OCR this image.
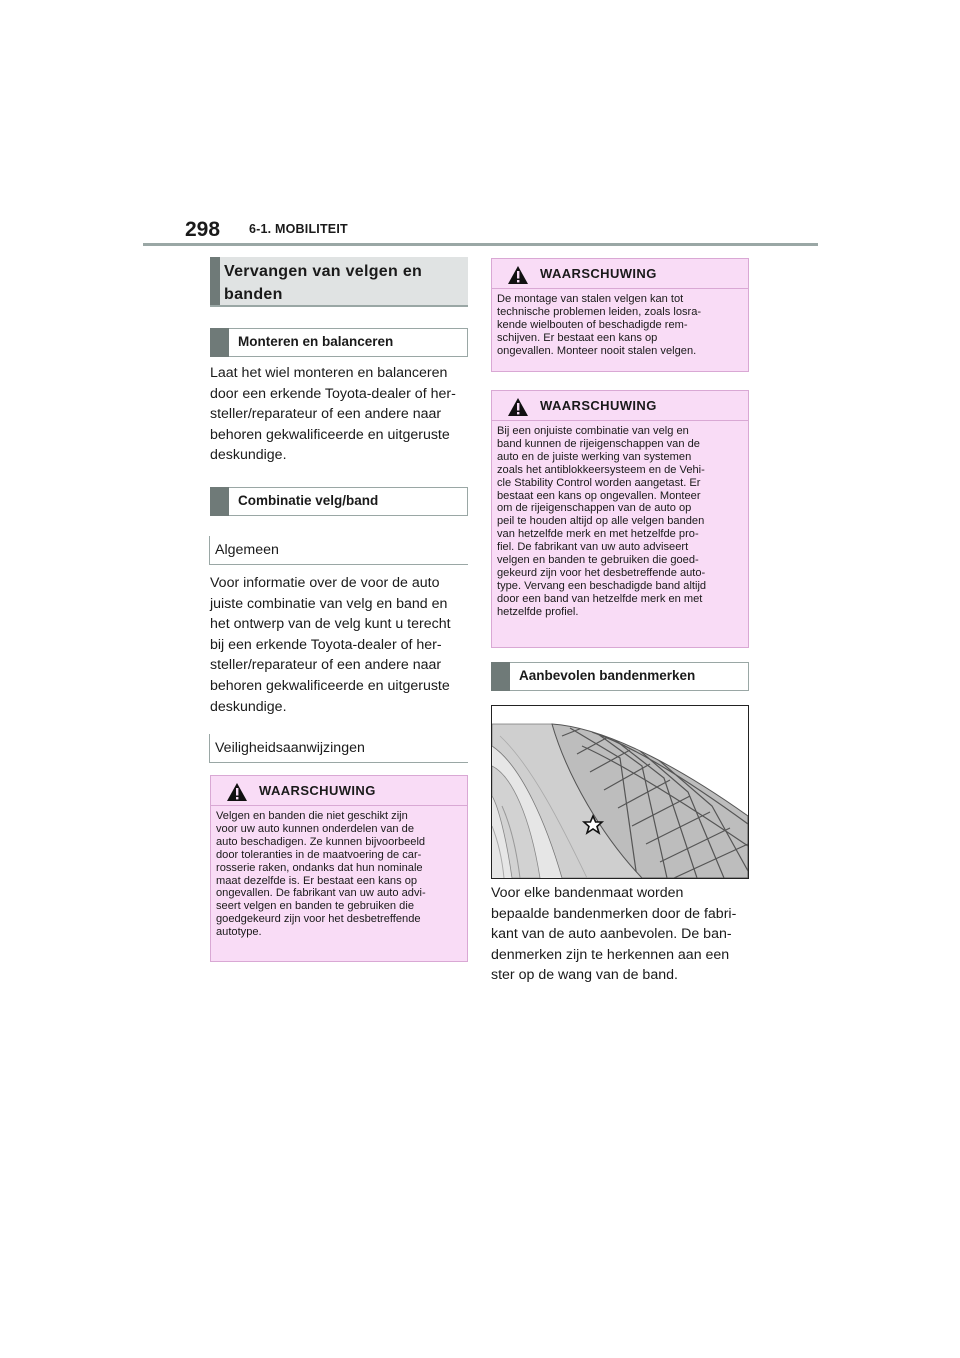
298 6-1. MOBILITEIT
Vervangen van velgen en
banden
Monteren en balanceren
Laat het wiel monteren en balanceren
door een erkende Toyota-dealer of her-
steller/reparateur of een andere naar
behoren gekwalificeerde en uitgeruste
deskundige.
Combinatie velg/band
Algemeen
Voor informatie over de voor de auto
juiste combinatie van velg en band en
het ontwerp van de velg kunt u terecht
bij een erkende Toyota-dealer of her-
steller/reparateur of een andere naar
behoren gekwalificeerde en uitgeruste
deskundige.
Veiligheidsaanwijzingen
WAARSCHUWING
Velgen en banden die niet geschikt zijn
voor uw auto kunnen onderdelen van de
auto beschadigen. Ze kunnen bijvoorbeeld
door toleranties in de maatvoering de car-
rosserie raken, ondanks dat hun nominale
maat dezelfde is. Er bestaat een kans op
ongevallen. De fabrikant van uw auto advi-
seert velgen en banden te gebruiken die
goedgekeurd zijn voor het desbetreffende
autotype.
WAARSCHUWING
De montage van stalen velgen kan tot
technische problemen leiden, zoals losra-
kende wielbouten of beschadigde rem-
schijven. Er bestaat een kans op
ongevallen. Monteer nooit stalen velgen.
WAARSCHUWING
Bij een onjuiste combinatie van velg en
band kunnen de rijeigenschappen van de
auto en de juiste werking van systemen
zoals het antiblokkeersysteem en de Vehi-
cle Stability Control worden aangetast. Er
bestaat een kans op ongevallen. Monteer
om de rijeigenschappen van de auto op
peil te houden altijd op alle velgen banden
van hetzelfde merk en met hetzelfde pro-
fiel. De fabrikant van uw auto adviseert
velgen en banden te gebruiken die goed-
gekeurd zijn voor het desbetreffende auto-
type. Vervang een beschadigde band altijd
door een band van hetzelfde merk en met
hetzelfde profiel.
Aanbevolen bandenmerken
Voor elke bandenmaat worden
bepaalde bandenmerken door de fabri-
kant van de auto aanbevolen. De ban-
denmerken zijn te herkennen aan een
ster op de wang van de band.
